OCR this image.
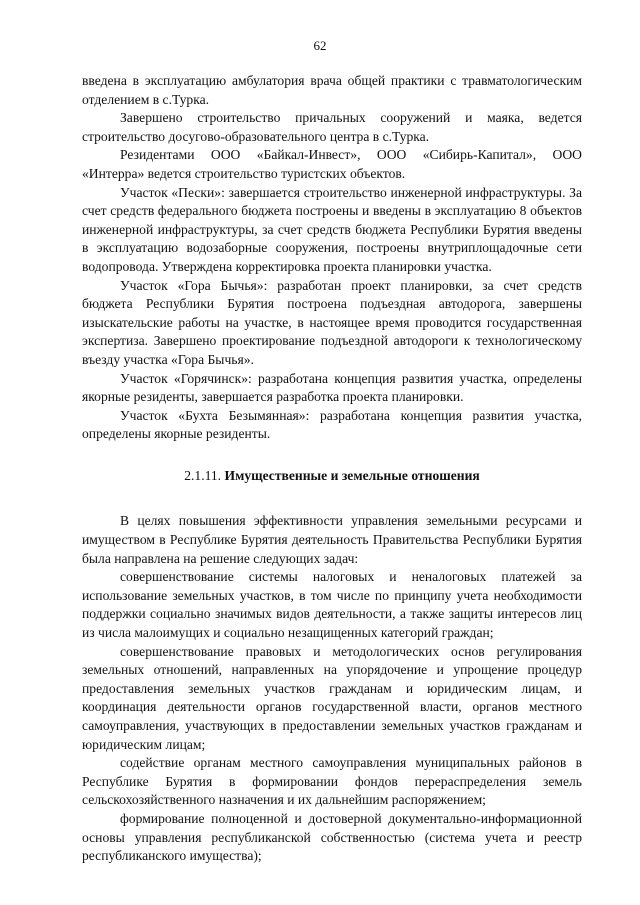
62

введена в эксплуатацию амбулатория врача общей практики с травматологическим отделением в с.Турка.

Завершено строительство причальных сооружений и маяка, ведется строительство досугово-образовательного центра в с.Турка.

Резидентами ООО «Байкал-Инвест», ООО «Сибирь-Капитал», ООО «Интерра» ведется строительство туристских объектов.

Участок «Пески»: завершается строительство инженерной инфраструктуры. За счет средств федерального бюджета построены и введены в эксплуатацию 8 объектов инженерной инфраструктуры, за счет средств бюджета Республики Бурятия введены в эксплуатацию водозаборные сооружения, построены внутриплощадочные сети водопровода. Утверждена корректировка проекта планировки участка.

Участок «Гора Бычья»: разработан проект планировки, за счет средств бюджета Республики Бурятия построена подъездная автодорога, завершены изыскательские работы на участке, в настоящее время проводится государственная экспертиза. Завершено проектирование подъездной автодороги к технологическому въезду участка «Гора Бычья».

Участок «Горячинск»: разработана концепция развития участка, определены якорные резиденты, завершается разработка проекта планировки.

Участок «Бухта Безымянная»: разработана концепция развития участка, определены якорные резиденты.

2.1.11. Имущественные и земельные отношения

В целях повышения эффективности управления земельными ресурсами и имуществом в Республике Бурятия деятельность Правительства Республики Бурятия была направлена на решение следующих задач:

совершенствование системы налоговых и неналоговых платежей за использование земельных участков, в том числе по принципу учета необходимости поддержки социально значимых видов деятельности, а также защиты интересов лиц из числа малоимущих и социально незащищенных категорий граждан;

совершенствование правовых и методологических основ регулирования земельных отношений, направленных на упорядочение и упрощение процедур предоставления земельных участков гражданам и юридическим лицам, и координация деятельности органов государственной власти, органов местного самоуправления, участвующих в предоставлении земельных участков гражданам и юридическим лицам;

содействие органам местного самоуправления муниципальных районов в Республике Бурятия в формировании фондов перераспределения земель сельскохозяйственного назначения и их дальнейшим распоряжением;

формирование полноценной и достоверной документально-информационной основы управления республиканской собственностью (система учета и реестр республиканского имущества);
